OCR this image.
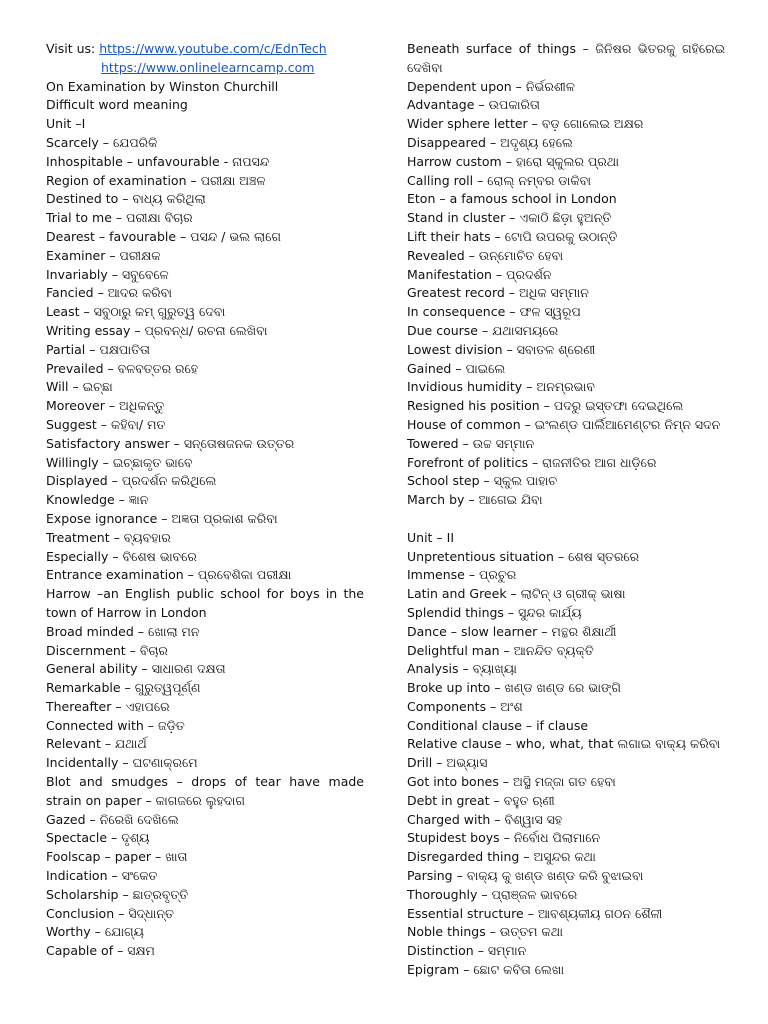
Visit us: https://www.youtube.com/c/EdnTech
https://www.onlinelearncamp.com
On Examination by Winston Churchill
Difficult word meaning
Unit –I
Scarcely – ଯେପରିକି
Inhospitable – unfavourable - ନାପସନ୍ଦ
Region of examination – ପରୀକ୍ଷା ଅଞ୍ଚଳ
Destined to – ବାଧ୍ୟ କରିଥିଲା
Trial to me – ପରୀକ୍ଷା ବିଚାର
Dearest – favourable – ପସନ୍ଦ / ଭଲ ଲାଗେ
Examiner – ପରୀକ୍ଷକ
Invariably – ସବୁବେଳେ
Fancied – ଆଦର କରିବା
Least – ସବୁଠାରୁ କମ୍ ଗୁରୁତ୍ୱ ଦେବା
Writing essay – ପ୍ରବନ୍ଧ/ ରଚନା ଲେଖିବା
Partial – ପକ୍ଷପାତିତା
Prevailed – ବଳବତ୍ତର ରହେ
Will – ଇଚ୍ଛା
Moreover – ଅଧିକନ୍ତୁ
Suggest – କହିବା/ ମତ
Satisfactory answer – ସନ୍ତୋଷଜନକ ଉତ୍ତର
Willingly – ଇଚ୍ଛାକୃତ ଭାବେ
Displayed – ପ୍ରଦର୍ଶନ କରିଥିଲେ
Knowledge – ଜ୍ଞାନ
Expose ignorance – ଅଜ୍ଞତା ପ୍ରକାଶ କରିବା
Treatment – ବ୍ୟବହାର
Especially – ବିଶେଷ ଭାବରେ
Entrance examination – ପ୍ରବେଶିକା ପରୀକ୍ଷା
Harrow –an English public school for boys in the town of Harrow in London
Broad minded – ଖୋଲା ମନ
Discernment – ବିଚାର
General ability – ସାଧାରଣ ଦକ୍ଷତା
Remarkable – ଗୁରୁତ୍ୱପୂର୍ଣ୍ଣ
Thereafter – ଏହାପରେ
Connected with – ଜଡ଼ିତ
Relevant – ଯଥାର୍ଥ
Incidentally – ଘଟଣାକ୍ରମେ
Blot and smudges – drops of tear have made strain on paper – କାଗଜରେ ଲୁହଦାଗ
Gazed – ନିରେଖି ଦେଖିଲେ
Spectacle – ଦୃଶ୍ୟ
Foolscap – paper – ଖାତା
Indication – ସଂକେତ
Scholarship – ଛାତ୍ରବୃତ୍ତି
Conclusion – ସିଦ୍ଧାନ୍ତ
Worthy – ଯୋଗ୍ୟ
Capable of – ସକ୍ଷମ
Beneath surface of things – ଜିନିଷର ଭିତରକୁ ଗହିରେଇ ଦେଖିବା
Dependent upon – ନିର୍ଭରଶୀଳ
Advantage – ଉପକାରିତା
Wider sphere letter – ବଡ଼ ଗୋଲେଇ ଅକ୍ଷର
Disappeared – ଅଦୃଶ୍ୟ ହେଲେ
Harrow custom – ହାରୋ ସ୍କୁଲର ପ୍ରଥା
Calling roll – ରୋଲ୍ ନମ୍ବର ଡାକିବା
Eton – a famous school in London
Stand in cluster – ଏକାଠି ଛିଡ଼ା ହୁଅନ୍ତି
Lift their hats – ଟୋପି ଉପରକୁ ଉଠାନ୍ତି
Revealed – ଉନ୍ମୋଚିତ ହେବା
Manifestation – ପ୍ରଦର୍ଶନ
Greatest record – ଅଧିକ ସମ୍ମାନ
In consequence – ଫଳ ସ୍ୱରୂପ
Due course – ଯଥାସମୟରେ
Lowest division – ସବାତଳ ଶ୍ରେଣୀ
Gained – ପାଇଲେ
Invidious humidity – ଅନମ୍ରଭାବ
Resigned his position – ପଦରୁ ଇସ୍ତଫା ଦେଇଥିଲେ
House of common – ଇଂଲଣ୍ଡ ପାର୍ଲିଆମେଣ୍ଟର ନିମ୍ନ ସଦନ
Towered – ଉଚ୍ଚ ସମ୍ମାନ
Forefront of politics – ରାଜନୀତିର ଆଗ ଧାଡ଼ିରେ
School step – ସ୍କୁଲ ପାହାଚ
March by – ଆଗେଇ ଯିବା
Unit – II
Unpretentious situation – ଶେଷ ସ୍ତରରେ
Immense – ପ୍ରଚୁର
Latin and Greek – ଲାଟିନ୍ ଓ ଗ୍ରୀକ୍ ଭାଷା
Splendid things – ସୁନ୍ଦର କାର୍ଯ୍ୟ
Dance – slow learner – ମନ୍ଥର ଶିକ୍ଷାର୍ଥୀ
Delightful man – ଆନନ୍ଦିତ ବ୍ୟକ୍ତି
Analysis – ବ୍ୟାଖ୍ୟା
Broke up into – ଖଣ୍ଡ ଖଣ୍ଡ ରେ ଭାଙ୍ଗି
Components – ଅଂଶ
Conditional clause – if clause
Relative clause – who, what, that ଲଗାଇ ବାକ୍ୟ କରିବା
Drill – ଅଭ୍ୟାସ
Got into bones – ଅସ୍ଥି ମଜ୍ଜା ଗତ ହେବା
Debt in great – ବହୁତ ଋଣୀ
Charged with – ବିଶ୍ୱାସ ସହ
Stupidest boys – ନିର୍ବୋଧ ପିଲାମାନେ
Disregarded thing – ଅସୁନ୍ଦର କଥା
Parsing – ବାକ୍ୟ କୁ ଖଣ୍ଡ ଖଣ୍ଡ କରି ବୁଝାଇବା
Thoroughly – ପ୍ରାଞ୍ଜଳ ଭାବରେ
Essential structure – ଆବଶ୍ୟକୀୟ ଗଠନ ଶୈଳୀ
Noble things – ଉତ୍ତମ କଥା
Distinction – ସମ୍ମାନ
Epigram – ଛୋଟ କବିତା ଲେଖା
